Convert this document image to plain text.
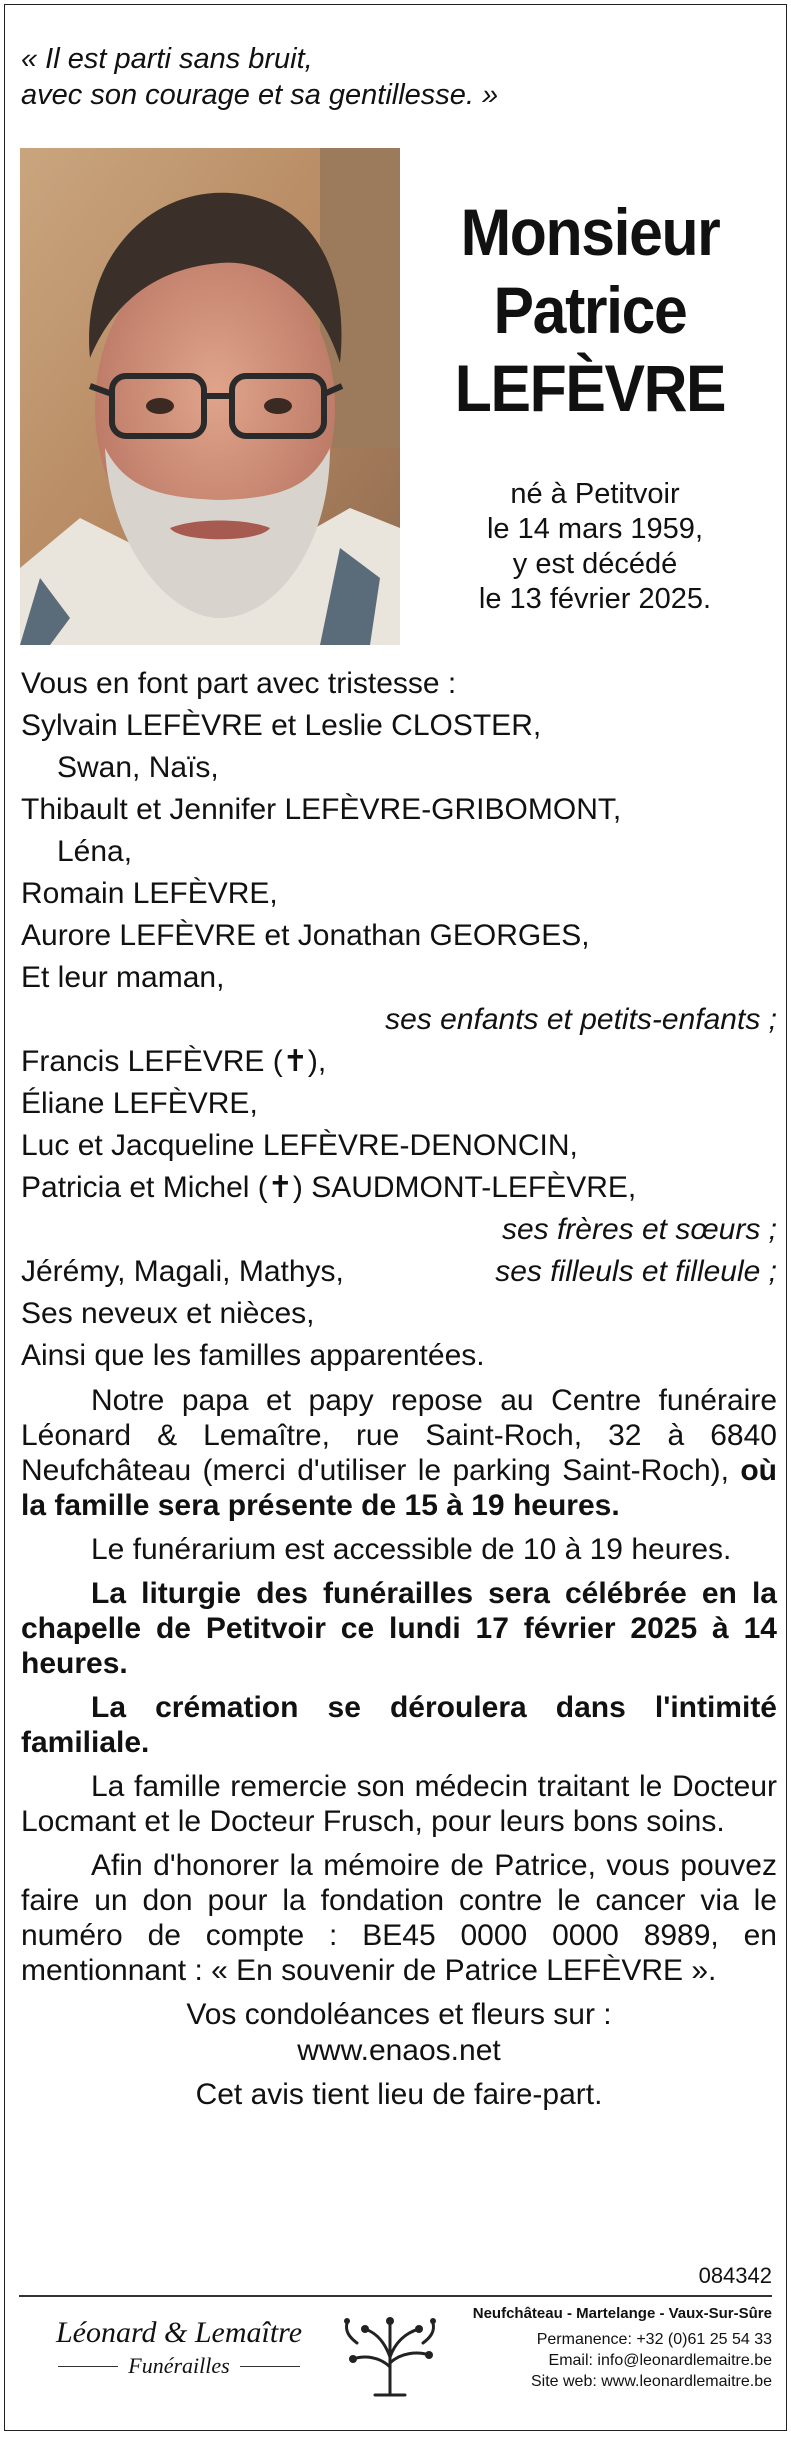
« Il est parti sans bruit,
avec son courage et sa gentillesse. »
Monsieur
Patrice
LEFÈVRE
né à Petitvoir
le 14 mars 1959,
y est décédé
le 13 février 2025.
Vous en font part avec tristesse :
Sylvain LEFÈVRE et Leslie CLOSTER,
Swan, Naïs,
Thibault et Jennifer LEFÈVRE-GRIBOMONT,
Léna,
Romain LEFÈVRE,
Aurore LEFÈVRE et Jonathan GEORGES,
Et leur maman,
ses enfants et petits-enfants ;
Francis LEFÈVRE (✝),
Éliane LEFÈVRE,
Luc et Jacqueline LEFÈVRE-DENONCIN,
Patricia et Michel (✝) SAUDMONT-LEFÈVRE,
ses frères et sœurs ;
Jérémy, Magali, Mathys,	ses filleuls et filleule ;
Ses neveux et nièces,
Ainsi que les familles apparentées.

Notre papa et papy repose au Centre funéraire Léonard & Lemaître, rue Saint-Roch, 32 à 6840 Neufchâteau (merci d'utiliser le parking Saint-Roch), où la famille sera présente de 15 à 19 heures.

Le funérarium est accessible de 10 à 19 heures.

La liturgie des funérailles sera célébrée en la chapelle de Petitvoir ce lundi 17 février 2025 à 14 heures.

La crémation se déroulera dans l'intimité familiale.

La famille remercie son médecin traitant le Docteur Locmant et le Docteur Frusch, pour leurs bons soins.

Afin d'honorer la mémoire de Patrice, vous pouvez faire un don pour la fondation contre le cancer via le numéro de compte : BE45 0000 0000 8989, en mentionnant : « En souvenir de Patrice LEFÈVRE ».

Vos condoléances et fleurs sur :
www.enaos.net
Cet avis tient lieu de faire-part.
084342
Léonard & Lemaître
Funérailles
Neufchâteau - Martelange - Vaux-Sur-Sûre
Permanence: +32 (0)61 25 54 33
Email: info@leonardlemaitre.be
Site web: www.leonardlemaitre.be
